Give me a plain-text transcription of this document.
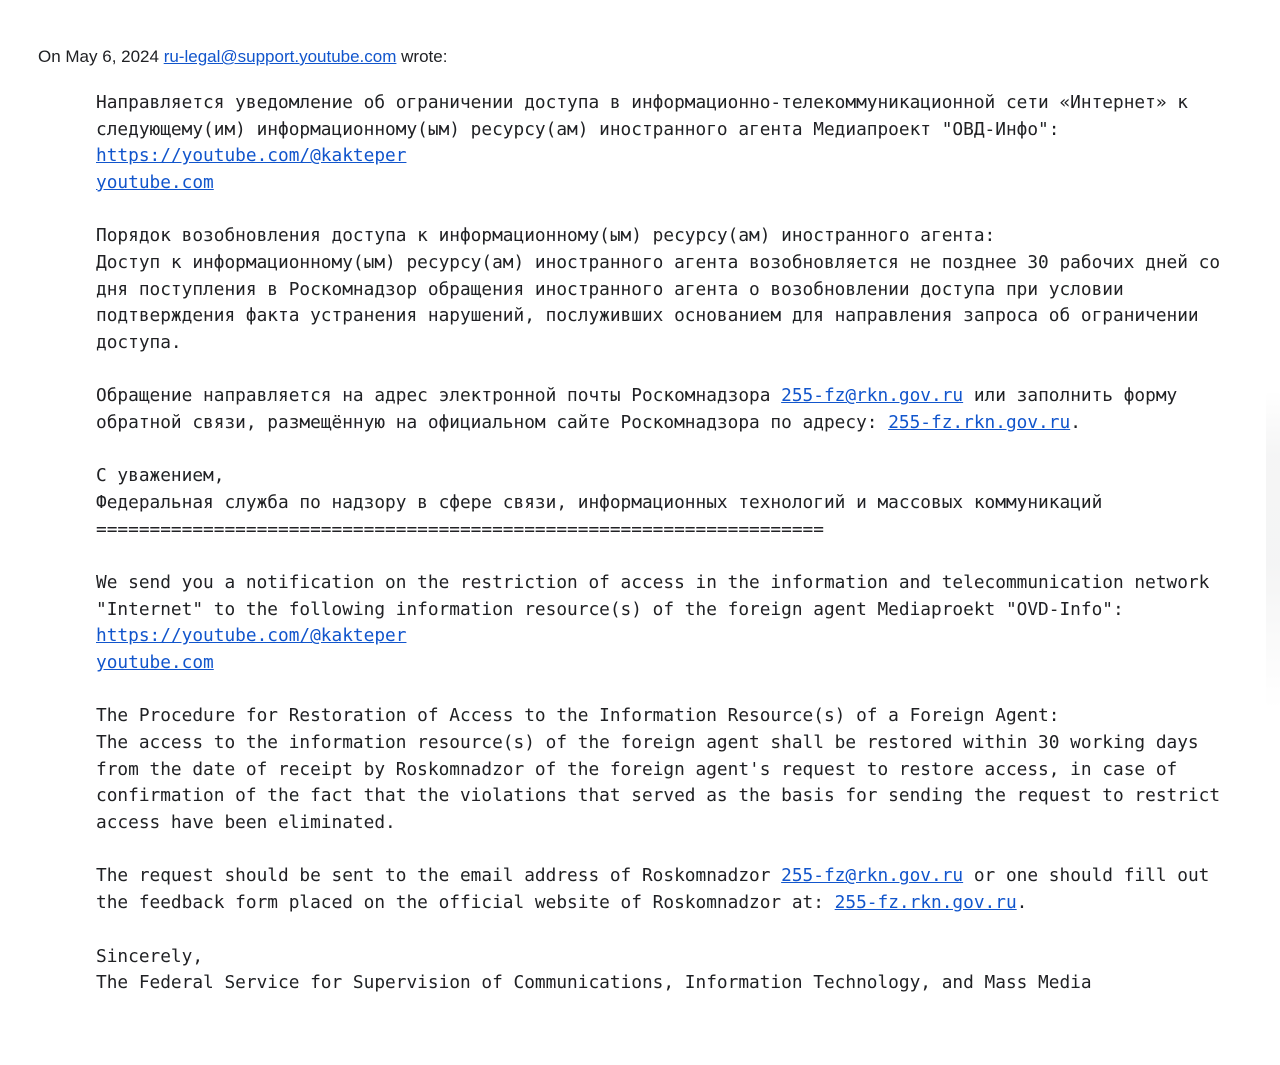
On May 6, 2024 ru-legal@support.youtube.com wrote:
Направляется уведомление об ограничении доступа в информационно-телекоммуникационной сети «Интернет» к
следующему(им) информационному(ым) ресурсу(ам) иностранного агента Медиапроект "ОВД-Инфо":
https://youtube.com/@kakteper
youtube.com

Порядок возобновления доступа к информационному(ым) ресурсу(ам) иностранного агента:
Доступ к информационному(ым) ресурсу(ам) иностранного агента возобновляется не позднее 30 рабочих дней со
дня поступления в Роскомнадзор обращения иностранного агента о возобновлении доступа при условии
подтверждения факта устранения нарушений, послуживших основанием для направления запроса об ограничении
доступа.

Обращение направляется на адрес электронной почты Роскомнадзора 255-fz@rkn.gov.ru или заполнить форму
обратной связи, размещённую на официальном сайте Роскомнадзора по адресу: 255-fz.rkn.gov.ru.

С уважением,
Федеральная служба по надзору в сфере связи, информационных технологий и массовых коммуникаций
====================================================================

We send you a notification on the restriction of access in the information and telecommunication network
"Internet" to the following information resource(s) of the foreign agent Mediaproekt "OVD-Info":
https://youtube.com/@kakteper
youtube.com

The Procedure for Restoration of Access to the Information Resource(s) of a Foreign Agent:
The access to the information resource(s) of the foreign agent shall be restored within 30 working days
from the date of receipt by Roskomnadzor of the foreign agent's request to restore access, in case of
confirmation of the fact that the violations that served as the basis for sending the request to restrict
access have been eliminated.

The request should be sent to the email address of Roskomnadzor 255-fz@rkn.gov.ru or one should fill out
the feedback form placed on the official website of Roskomnadzor at: 255-fz.rkn.gov.ru.

Sincerely,
The Federal Service for Supervision of Communications, Information Technology, and Mass Media
